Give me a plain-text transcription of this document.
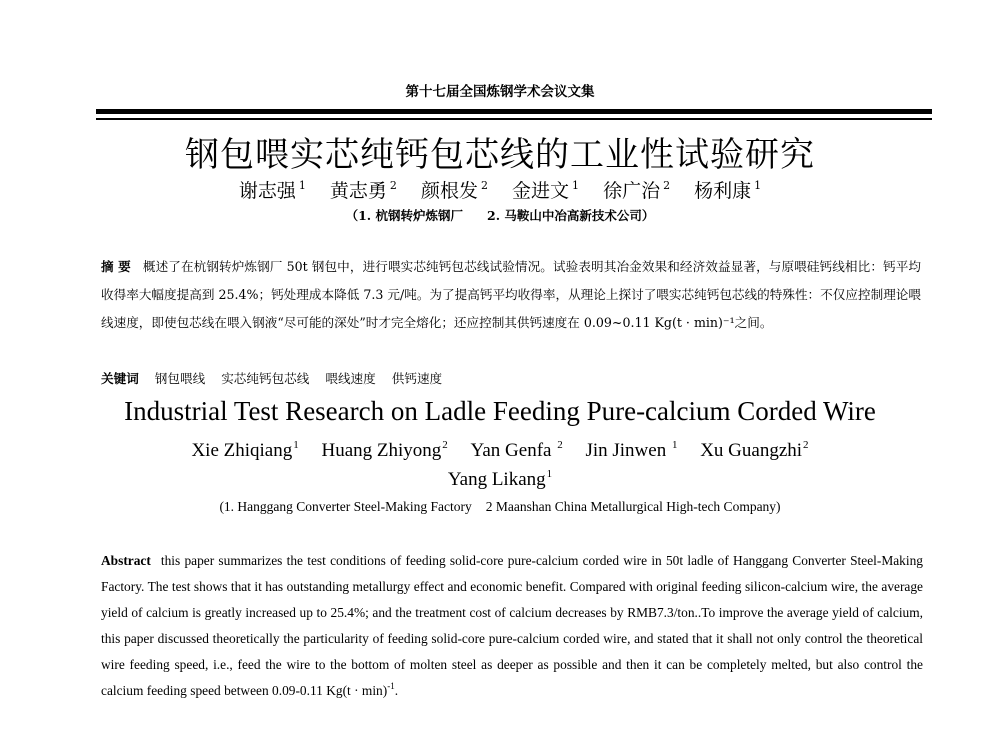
第十七届全国炼钢学术会议文集
钢包喂实芯纯钙包芯线的工业性试验研究
谢志强 $^1$ 黄志勇 $^2$ 颜根发 $^2$ 金进文 $^1$ 徐广治 $^2$ 杨利康 $^1$
（1. 杭钢转炉炼钢厂 2. 马鞍山中冶高新技术公司）
摘 要 概述了在杭钢转炉炼钢厂 50t 钢包中，进行喂实芯纯钙包芯线试验情况。试验表明其冶金效果和经济效益显著，与原喂硅钙线相比：钙平均收得率大幅度提高到 25.4%；钙处理成本降低 7.3 元/吨。为了提高钙平均收得率，从理论上探讨了喂实芯纯钙包芯线的特殊性：不仅应控制理论喂线速度，即使包芯线在喂入钢液“尽可能的深处”时才完全熔化；还应控制其供钙速度在 0.09~0.11 Kg(t · min)⁻¹之间。
关键词 钢包喂线 实芯纯钙包芯线 喂线速度 供钙速度
Industrial Test Research on Ladle Feeding Pure-calcium Corded Wire
Xie Zhiqiang$^1$ Huang Zhiyong$^2$ Yan Genfa $^2$ Jin Jinwen $^1$ Xu Guangzhi$^2$
Yang Likang$^1$
(1. Hanggang Converter Steel-Making Factory 2 Maanshan China Metallurgical High-tech Company)
Abstract this paper summarizes the test conditions of feeding solid-core pure-calcium corded wire in 50t ladle of Hanggang Converter Steel-Making Factory. The test shows that it has outstanding metallurgy effect and economic benefit. Compared with original feeding silicon-calcium wire, the average yield of calcium is greatly increased up to 25.4%; and the treatment cost of calcium decreases by RMB7.3/ton..To improve the average yield of calcium, this paper discussed theoretically the particularity of feeding solid-core pure-calcium corded wire, and stated that it shall not only control the theoretical wire feeding speed, i.e., feed the wire to the bottom of molten steel as deeper as possible and then it can be completely melted, but also control the calcium feeding speed between 0.09-0.11 $Kg(t \cdot \min)^{-1}$.
